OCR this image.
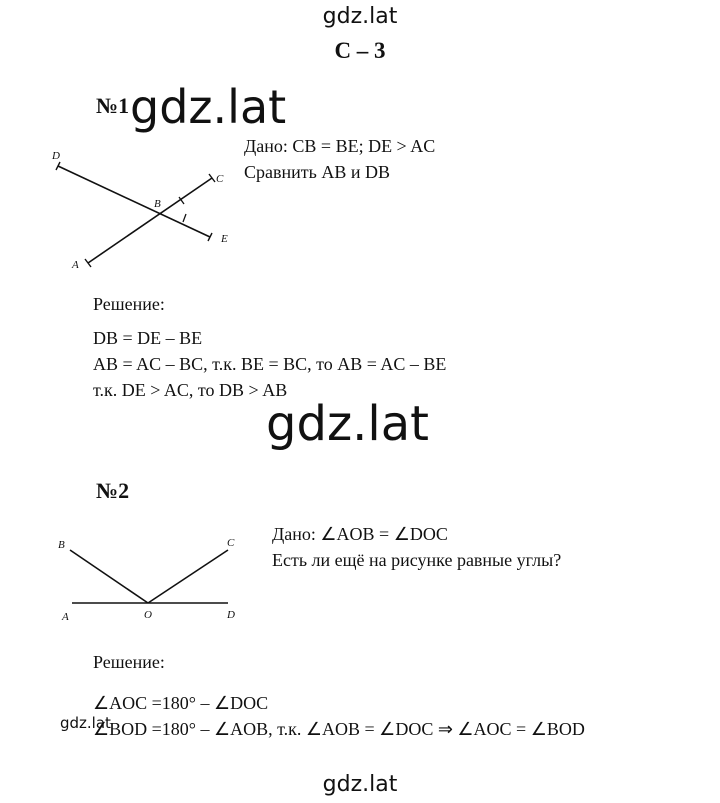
gdz.lat
С – 3
№1 gdz.lat
D
C
B
E
A
Дано: CB = BE; DE > AC
Сравнить AB и DB
Решение:
DB = DE – BE
AB = AC – BC, т.к. BE = BC, то AB = AC – BE
т.к. DE > AC, то DB > AB
gdz.lat
№2
B	C
A	O	D
Дано: ∠AOB = ∠DOC
Есть ли ещё на рисунке равные углы?
Решение:
∠AOC =180° – ∠DOC
∠BOD =180° – ∠AOB, т.к. ∠AOB = ∠DOC ⇒ ∠AOC = ∠BOD
gdz.lat
gdz.lat
